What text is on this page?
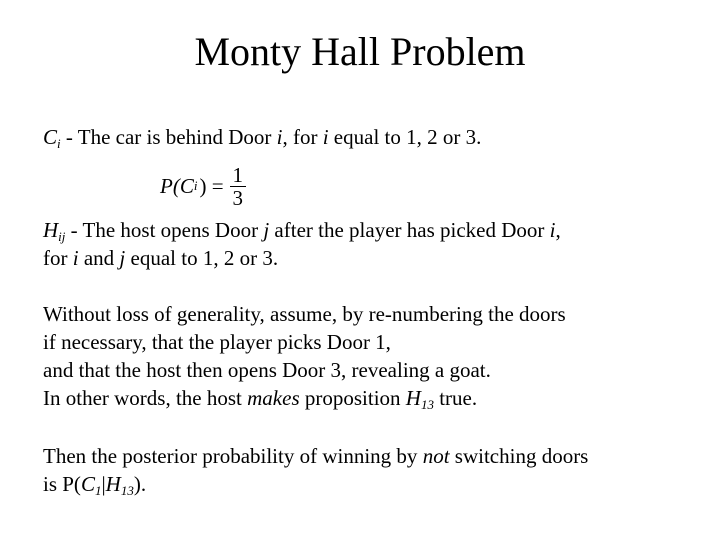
Monty Hall Problem
$C_i$ - The car is behind Door i, for i equal to 1, 2 or 3.
P(C i ) = $\frac{1}{3}$
$H_{ij}$ - The host opens Door j after the player has picked Door i,
for i and j equal to 1, 2 or 3.
Without loss of generality, assume, by re-numbering the doors
if necessary, that the player picks Door 1,
and that the host then opens Door 3, revealing a goat.
In other words, the host makes proposition $H_{13}$ true.
Then the posterior probability of winning by not switching doors
is $P(C_1|H_{13})$.
